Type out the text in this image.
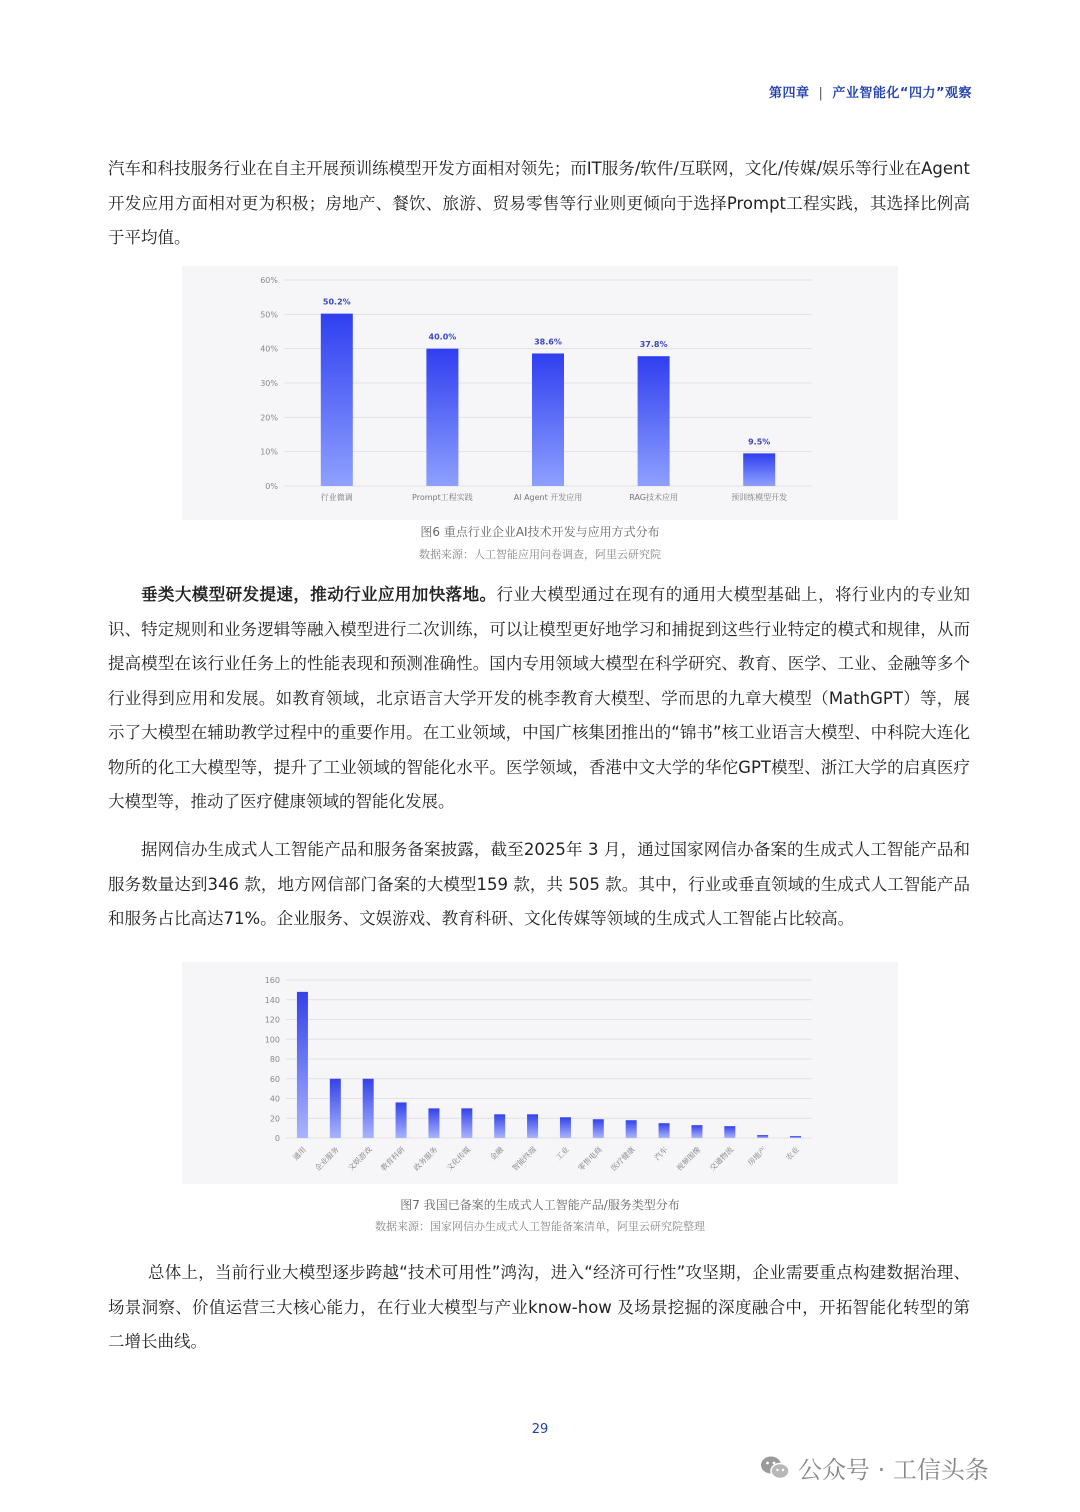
第四章 | 产业智能化“四力”观察
汽车和科技服务行业在自主开展预训练模型开发方面相对领先；而IT服务/软件/互联网，文化/传媒/娱乐等行业在Agent开发应用方面相对更为积极；房地产、餐饮、旅游、贸易零售等行业则更倾向于选择Prompt工程实践，其选择比例高于平均值。
0%
10%
20%
30%
40%
50%
60%
50.2%
行业微调
40.0%
Prompt工程实践
38.6%
AI Agent 开发应用
37.8%
RAG技术应用
9.5%
预训练模型开发
图6 重点行业企业AI技术开发与应用方式分布
数据来源：人工智能应用问卷调查，阿里云研究院
垂类大模型研发提速，推动行业应用加快落地。行业大模型通过在现有的通用大模型基础上，将行业内的专业知识、特定规则和业务逻辑等融入模型进行二次训练，可以让模型更好地学习和捕捉到这些行业特定的模式和规律，从而提高模型在该行业任务上的性能表现和预测准确性。国内专用领域大模型在科学研究、教育、医学、工业、金融等多个行业得到应用和发展。如教育领域，北京语言大学开发的桃李教育大模型、学而思的九章大模型（MathGPT）等，展示了大模型在辅助教学过程中的重要作用。在工业领域，中国广核集团推出的“锦书”核工业语言大模型、中科院大连化物所的化工大模型等，提升了工业领域的智能化水平。医学领域，香港中文大学的华佗GPT模型、浙江大学的启真医疗大模型等，推动了医疗健康领域的智能化发展。
据网信办生成式人工智能产品和服务备案披露，截至2025年 3 月，通过国家网信办备案的生成式人工智能产品和服务数量达到346 款，地方网信部门备案的大模型159 款，共 505 款。其中，行业或垂直领域的生成式人工智能产品和服务占比高达71%。企业服务、文娱游戏、教育科研、文化传媒等领域的生成式人工智能占比较高。
0
20
40
60
80
100
120
140
160
通用 企业服务 文娱游戏 教育科研 政务服务 文化传媒 金融 智能终端 工业 零售电商 医疗健康 汽车 视频图像 交通物流 房地产 农业
图7 我国已备案的生成式人工智能产品/服务类型分布
数据来源：国家网信办生成式人工智能备案清单，阿里云研究院整理
总体上，当前行业大模型逐步跨越“技术可用性”鸿沟，进入“经济可行性”攻坚期，企业需要重点构建数据治理、场景洞察、价值运营三大核心能力，在行业大模型与产业know-how 及场景挖掘的深度融合中，开拓智能化转型的第二增长曲线。
29
公众号 · 工信头条
